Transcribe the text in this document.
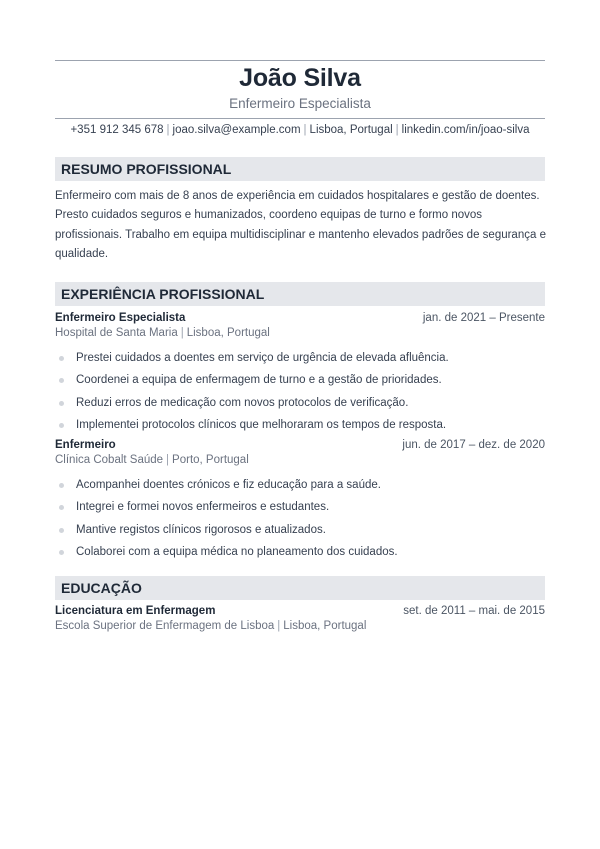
João Silva
Enfermeiro Especialista
+351 912 345 678 | joao.silva@example.com | Lisboa, Portugal | linkedin.com/in/joao-silva
RESUMO PROFISSIONAL
Enfermeiro com mais de 8 anos de experiência em cuidados hospitalares e gestão de doentes. Presto cuidados seguros e humanizados, coordeno equipas de turno e formo novos profissionais. Trabalho em equipa multidisciplinar e mantenho elevados padrões de segurança e qualidade.
EXPERIÊNCIA PROFISSIONAL
Enfermeiro Especialista	jan. de 2021 – Presente
Hospital de Santa Maria | Lisboa, Portugal
Prestei cuidados a doentes em serviço de urgência de elevada afluência.
Coordenei a equipa de enfermagem de turno e a gestão de prioridades.
Reduzi erros de medicação com novos protocolos de verificação.
Implementei protocolos clínicos que melhoraram os tempos de resposta.
Enfermeiro	jun. de 2017 – dez. de 2020
Clínica Cobalt Saúde | Porto, Portugal
Acompanhei doentes crónicos e fiz educação para a saúde.
Integrei e formei novos enfermeiros e estudantes.
Mantive registos clínicos rigorosos e atualizados.
Colaborei com a equipa médica no planeamento dos cuidados.
EDUCAÇÃO
Licenciatura em Enfermagem	set. de 2011 – mai. de 2015
Escola Superior de Enfermagem de Lisboa | Lisboa, Portugal
